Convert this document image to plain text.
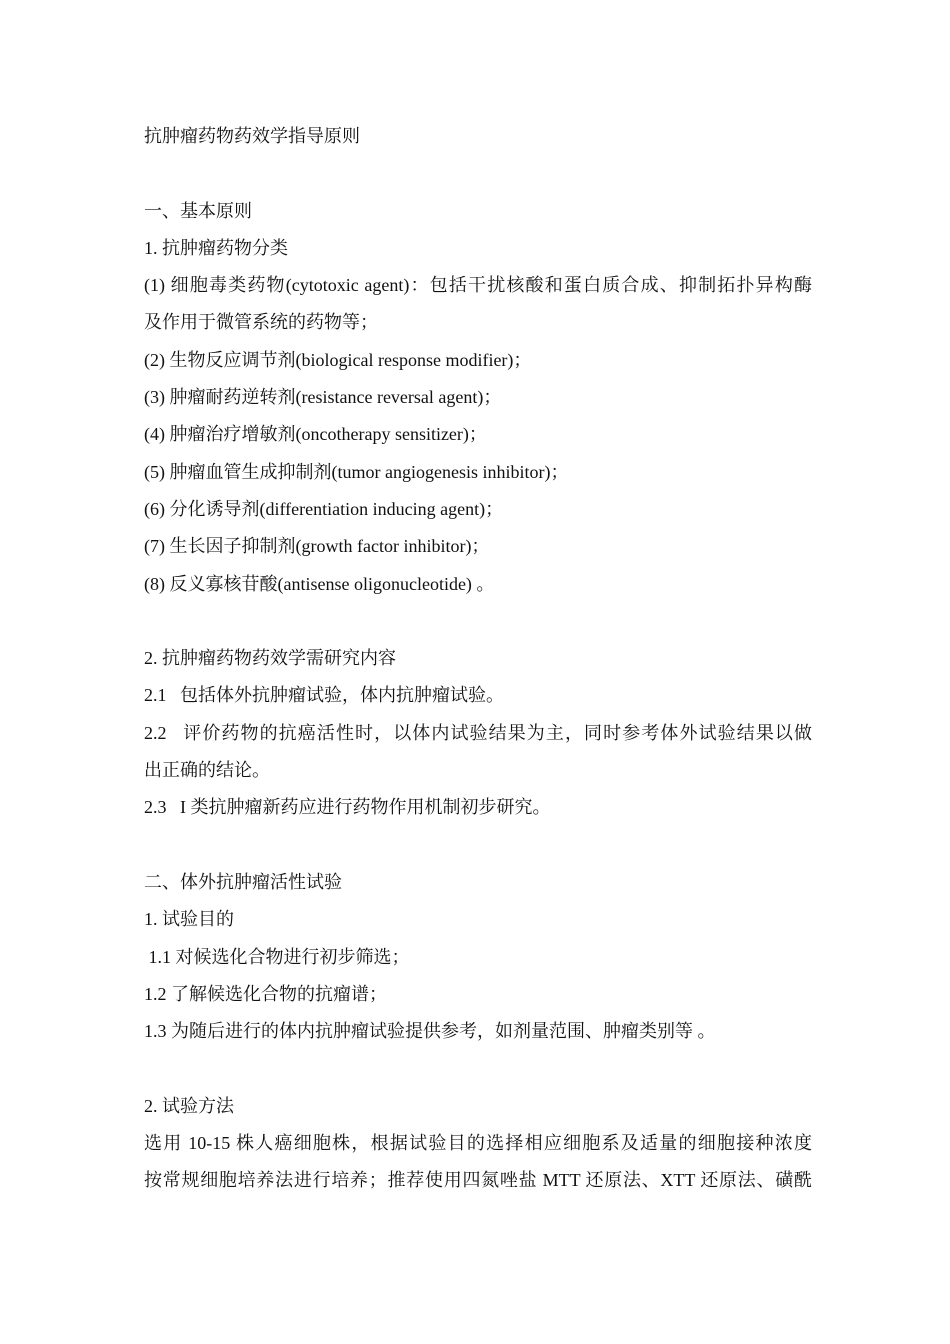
抗肿瘤药物药效学指导原则
一、基本原则
1. 抗肿瘤药物分类
(1) 细胞毒类药物(cytotoxic agent)：包括干扰核酸和蛋白质合成、抑制拓扑异构酶
及作用于微管系统的药物等；
(2) 生物反应调节剂(biological response modifier)；
(3) 肿瘤耐药逆转剂(resistance reversal agent)；
(4) 肿瘤治疗增敏剂(oncotherapy sensitizer)；
(5) 肿瘤血管生成抑制剂(tumor angiogenesis inhibitor)；
(6) 分化诱导剂(differentiation inducing agent)；
(7) 生长因子抑制剂(growth factor inhibitor)；
(8) 反义寡核苷酸(antisense oligonucleotide) 。
2. 抗肿瘤药物药效学需研究内容
2.1   包括体外抗肿瘤试验，体内抗肿瘤试验。
2.2   评价药物的抗癌活性时，以体内试验结果为主，同时参考体外试验结果以做
出正确的结论。
2.3   I 类抗肿瘤新药应进行药物作用机制初步研究。
二、体外抗肿瘤活性试验
1. 试验目的
1.1 对候选化合物进行初步筛选；
1.2 了解候选化合物的抗瘤谱；
1.3 为随后进行的体内抗肿瘤试验提供参考，如剂量范围、肿瘤类别等 。
2. 试验方法
选用 10-15 株人癌细胞株，根据试验目的选择相应细胞系及适量的细胞接种浓度
按常规细胞培养法进行培养；推荐使用四氮唑盐 MTT 还原法、XTT 还原法、磺酰
